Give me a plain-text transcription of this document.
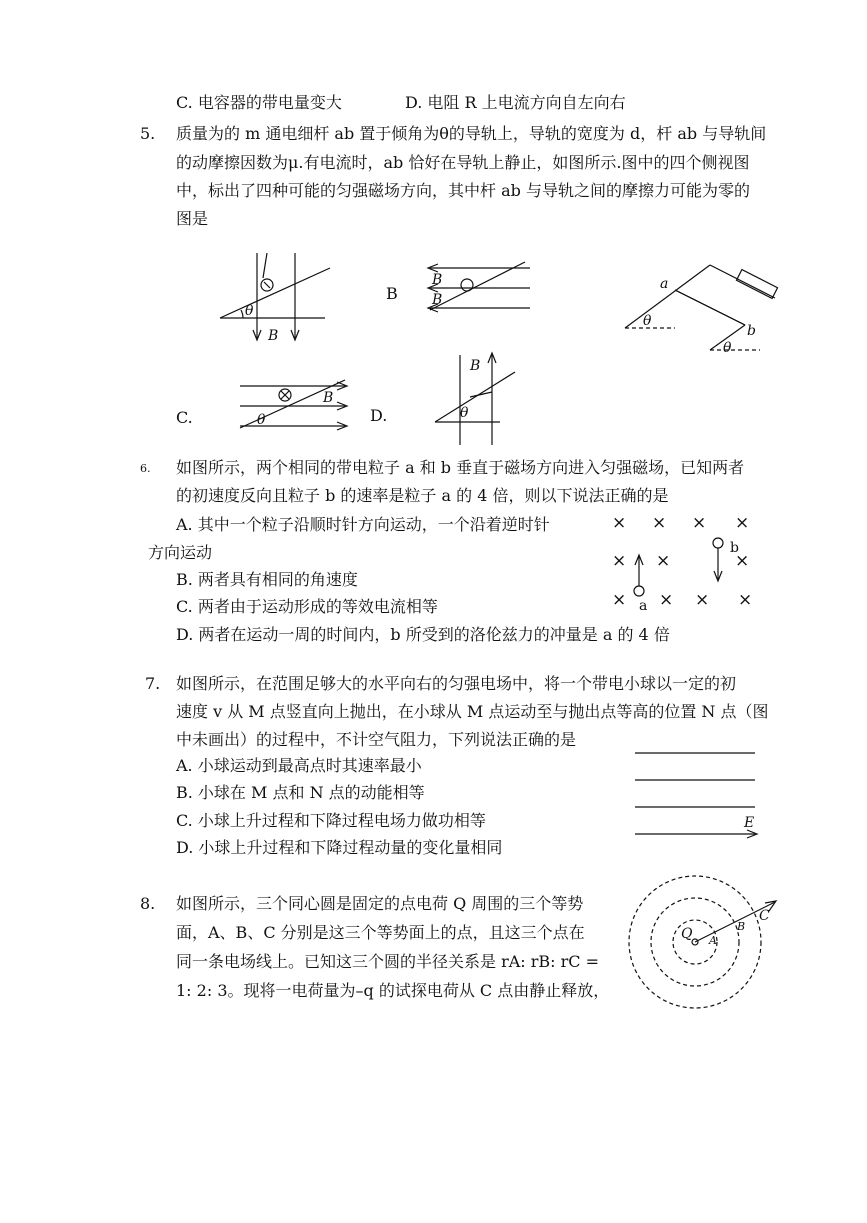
C. 电容器的带电量变大	D. 电阻 R 上电流方向自左向右
5. 质量为的 m 通电细杆 ab 置于倾角为θ的导轨上，导轨的宽度为 d，杆 ab 与导轨间
的动摩擦因数为μ.有电流时，ab 恰好在导轨上静止，如图所示.图中的四个侧视图
中，标出了四种可能的匀强磁场方向，其中杆 ab 与导轨之间的摩擦力可能为零的
图是
θ
B
B
B
B
a
b
θ
θ
C.
B
θ	D.
B
θ
6. 如图所示，两个相同的带电粒子 a 和 b 垂直于磁场方向进入匀强磁场，已知两者
的初速度反向且粒子 b 的速率是粒子 a 的 4 倍，则以下说法正确的是
A. 其中一个粒子沿顺时针方向运动，一个沿着逆时针
方向运动
B. 两者具有相同的角速度
C. 两者由于运动形成的等效电流相等
D. 两者在运动一周的时间内，b 所受到的洛伦兹力的冲量是 a 的 4 倍
× × × ×
× ×	×
× × × ×
a
b
7. 如图所示，在范围足够大的水平向右的匀强电场中，将一个带电小球以一定的初
速度 v 从 M 点竖直向上抛出，在小球从 M 点运动至与抛出点等高的位置 N 点（图
中未画出）的过程中，不计空气阻力，下列说法正确的是
A. 小球运动到最高点时其速率最小
B. 小球在 M 点和 N 点的动能相等
C. 小球上升过程和下降过程电场力做功相等
D. 小球上升过程和下降过程动量的变化量相同
E
8. 如图所示，三个同心圆是固定的点电荷 Q 周围的三个等势
面，A、B、C 分别是这三个等势面上的点，且这三个点在
同一条电场线上。已知这三个圆的半径关系是 rA: rB: rC =
1: 2: 3。现将一电荷量为–q 的试探电荷从 C 点由静止释放，
Q A
B
C
